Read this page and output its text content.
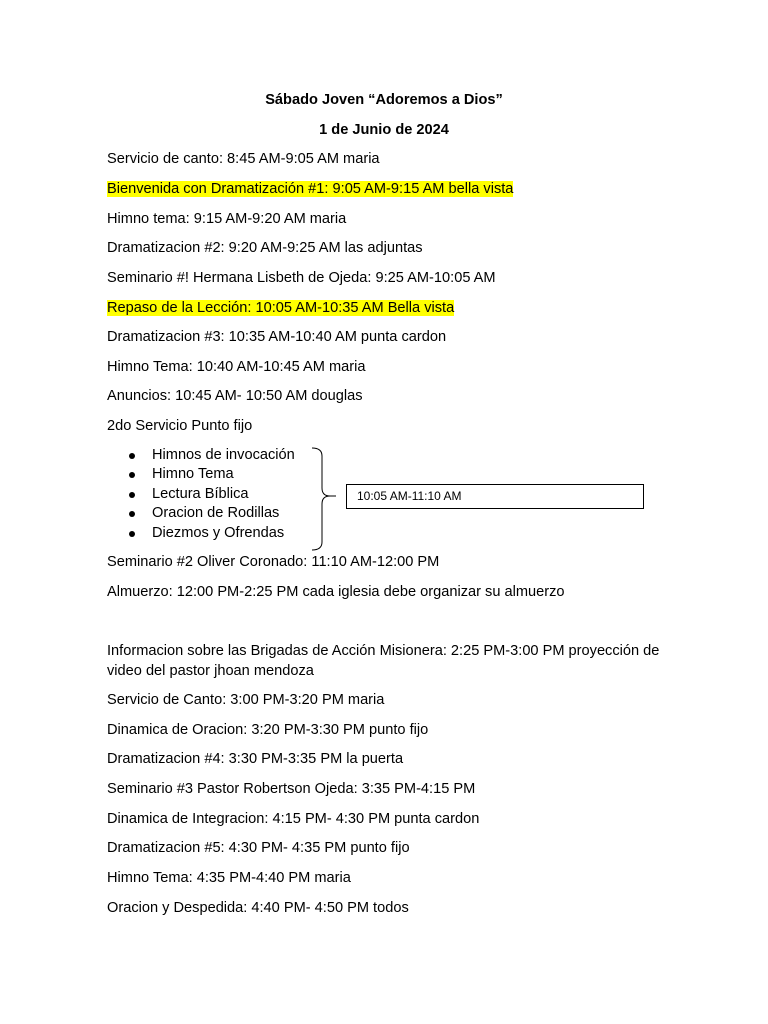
Sábado Joven “Adoremos a Dios”
1 de Junio de 2024
Servicio de canto: 8:45 AM-9:05 AM maria
Bienvenida con Dramatización #1: 9:05 AM-9:15 AM bella vista
Himno tema: 9:15 AM-9:20 AM maria
Dramatizacion #2: 9:20 AM-9:25 AM las adjuntas
Seminario #! Hermana Lisbeth de Ojeda: 9:25 AM-10:05 AM
Repaso de la Lección: 10:05 AM-10:35 AM Bella vista
Dramatizacion #3: 10:35 AM-10:40 AM punta cardon
Himno Tema: 10:40 AM-10:45 AM maria
Anuncios: 10:45 AM- 10:50 AM douglas
2do Servicio Punto fijo
Himnos de invocación
Himno Tema
Lectura Bíblica
Oracion de Rodillas
Diezmos y Ofrendas
10:05 AM-11:10 AM
Seminario #2 Oliver Coronado: 11:10 AM-12:00 PM
Almuerzo: 12:00 PM-2:25 PM cada iglesia debe organizar su almuerzo
Informacion sobre las Brigadas de Acción Misionera: 2:25 PM-3:00 PM proyección de video del pastor jhoan mendoza
Servicio de Canto: 3:00 PM-3:20 PM maria
Dinamica de Oracion: 3:20 PM-3:30 PM punto fijo
Dramatizacion #4: 3:30 PM-3:35 PM la puerta
Seminario #3 Pastor Robertson Ojeda: 3:35 PM-4:15 PM
Dinamica de Integracion: 4:15 PM- 4:30 PM punta cardon
Dramatizacion #5: 4:30 PM- 4:35 PM punto fijo
Himno Tema: 4:35 PM-4:40 PM maria
Oracion y Despedida: 4:40 PM- 4:50 PM todos
